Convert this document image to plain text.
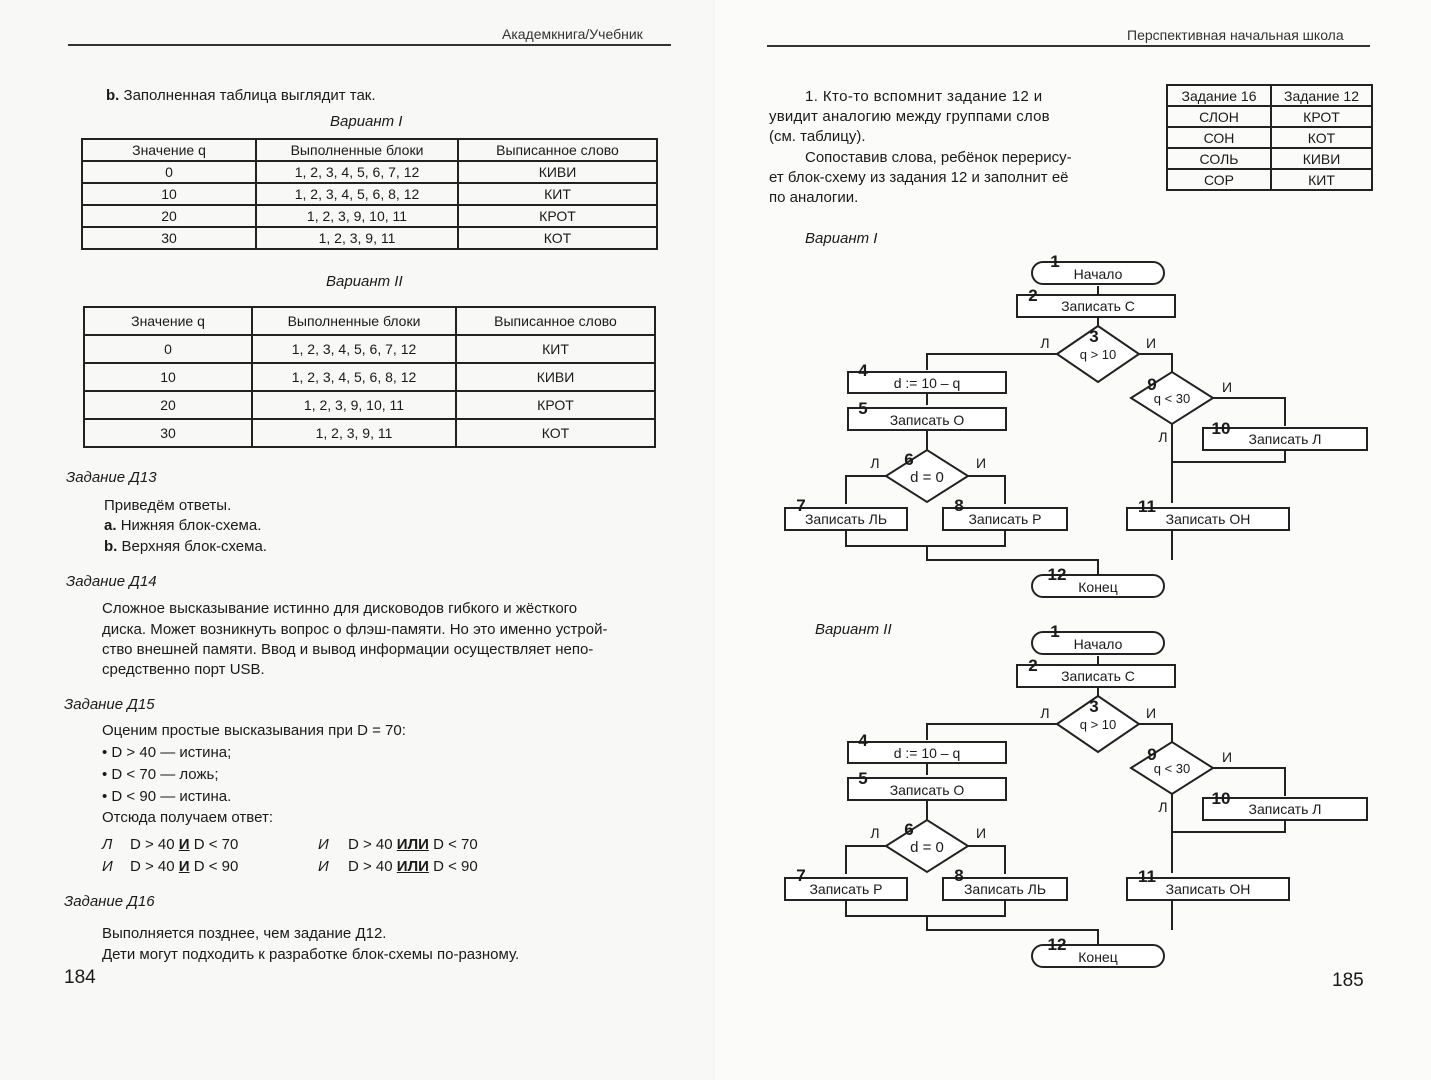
Академкнига/Учебник
b. Заполненная таблица выглядит так.
Вариант I
Значение q	Выполненные блоки	Выписанное слово
0	1, 2, 3, 4, 5, 6, 7, 12	КИВИ
10	1, 2, 3, 4, 5, 6, 8, 12	КИТ
20	1, 2, 3, 9, 10, 11	КРОТ
30	1, 2, 3, 9, 11	КОТ
Вариант II
Значение q	Выполненные блоки	Выписанное слово
0	1, 2, 3, 4, 5, 6, 7, 12	КИТ
10	1, 2, 3, 4, 5, 6, 8, 12	КИВИ
20	1, 2, 3, 9, 10, 11	КРОТ
30	1, 2, 3, 9, 11	КОТ
Задание Д13
Приведём ответы.
a. Нижняя блок-схема.
b. Верхняя блок-схема.
Задание Д14
Сложное высказывание истинно для дисководов гибкого и жёсткого
диска. Может возникнуть вопрос о флэш-памяти. Но это именно устрой-
ство внешней памяти. Ввод и вывод информации осуществляет непо-
средственно порт USB.
Задание Д15
Оценим простые высказывания при D = 70:
• D > 40 — истина;
• D < 70 — ложь;
• D < 90 — истина.
Отсюда получаем ответ:
Л D > 40 И D < 70	И D > 40 ИЛИ D < 70
И D > 40 И D < 90	И D > 40 ИЛИ D < 90
Задание Д16
Выполняется позднее, чем задание Д12.
Дети могут подходить к разработке блок-схемы по-разному.
184
Перспективная начальная школа
1. Кто-то вспомнит задание 12 и
увидит аналогию между группами слов
(см. таблицу).
Сопоставив слова, ребёнок перерису-
ет блок-схему из задания 12 и заполнит её
по аналогии.
Задание 16	Задание 12
СЛОН	КРОТ
СОН	КОТ
СОЛЬ	КИВИ
СОР	КИТ
Вариант I
Вариант II
Начало
1
Записать С
2
q > 10
3
Л	И
d := 10 – q
4
Записать О
5
d = 0
6
Л	И
Записать ЛЬ
7
Записать Р
8
q < 30
9
Л
И
Записать Л
10
Записать ОН
11
Конец
12
Начало
1
Записать С
2
q > 10
3
Л	И
d := 10 – q
4
Записать О
5
d = 0
6
Л	И
Записать Р
7
Записать ЛЬ
8
q < 30
9
Л
И
Записать Л
10
Записать ОН
11
Конец
12
185
